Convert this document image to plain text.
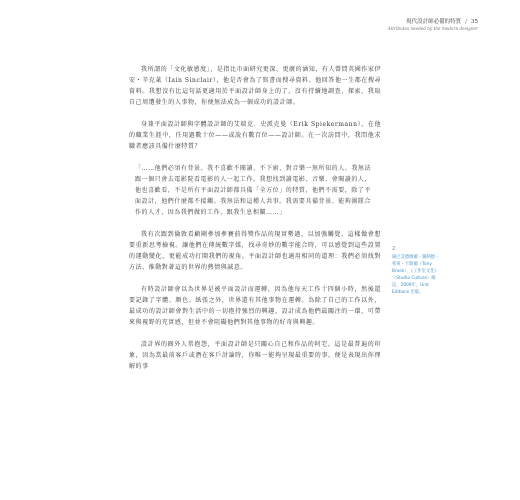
現代設計師必備的特質 / 35
Attributes needed by the modern designer

我所謂的「文化敏感度」，是指比市面研究更深、更廣的涵知，有人曾問英國作家伊安・辛克萊（Iain Sinclair），他是否會為了寫書而搜尋資料。他回答他一生都在搜尋資料。我想沒有比這句話更適用於平面設計師身上的了，沒有持續地調查、探索，我取自己周遭發生的人事物，你便無法成為一個成功的設計師。

身兼平面設計師與字體設計師的艾瑞克．史派克曼（Erik Spiekermann），在他的職業生涯中，任用過數十位——或說有數百位——設計師。在一次訪問中，我問他求職者應該具備什麼特質？

「……他們必須有背景。我不喜歡不閱讀、不下廚，對音樂一無所知的人。我無法跟一個只會去電影院看電影的人一起工作。我想找到讀電影、音樂、會閱讀的人，他也喜歡看，不是所有平面設計師都具備「全方位」的特質，他們不需要，除了平面設計，他們什麼都不接觸。我無法和這種人共事。我需要具備背景、能夠團隊合作的人才，因為我們做的工作，跟我生息相關……」

我有次跟到倫敦看顧剛參加參賽前得獎作品的現實勢過，以加強觸覺，這樣做會想要重新思考檢視。讓他們在傳統數字媒，找尋奇妙的數字能合時，可以感覺到這些設置的運動變化，更能成功打開我們的視角。平面設計師也適用相同的道理：我們必須找對方法，推動對著這的世界的熱情與誠意。

有時設計師會以為世界是被平面設計而運轉，因為他每天工作十四個小時，然後還要記錄了字體、顏色、紙張之外，世界還有其他事物在運轉。為除了自己的工作以外，最成功的設計師會對生活中的一切抱持強烈的興趣，設計成為他們最關注的一環，可帶來與視野的充實感，但並不會阻礙他們對其他事物的好奇與興趣。

設計界的圈外人常抱怨，平面設計師是只關心自己和作品的阿宅。這是最普遍的印象，因為當最前客戶或潛在客戶討論時，你唯一能夠呈現最重要的事，便是表現出你理解的事

2
倫巴艾德維爾・羅納德・弗萊・卡斯爾（Tony Brook），《工作室文化》（Studio Culture）繪這，2009年，Unit Editions 出版。
